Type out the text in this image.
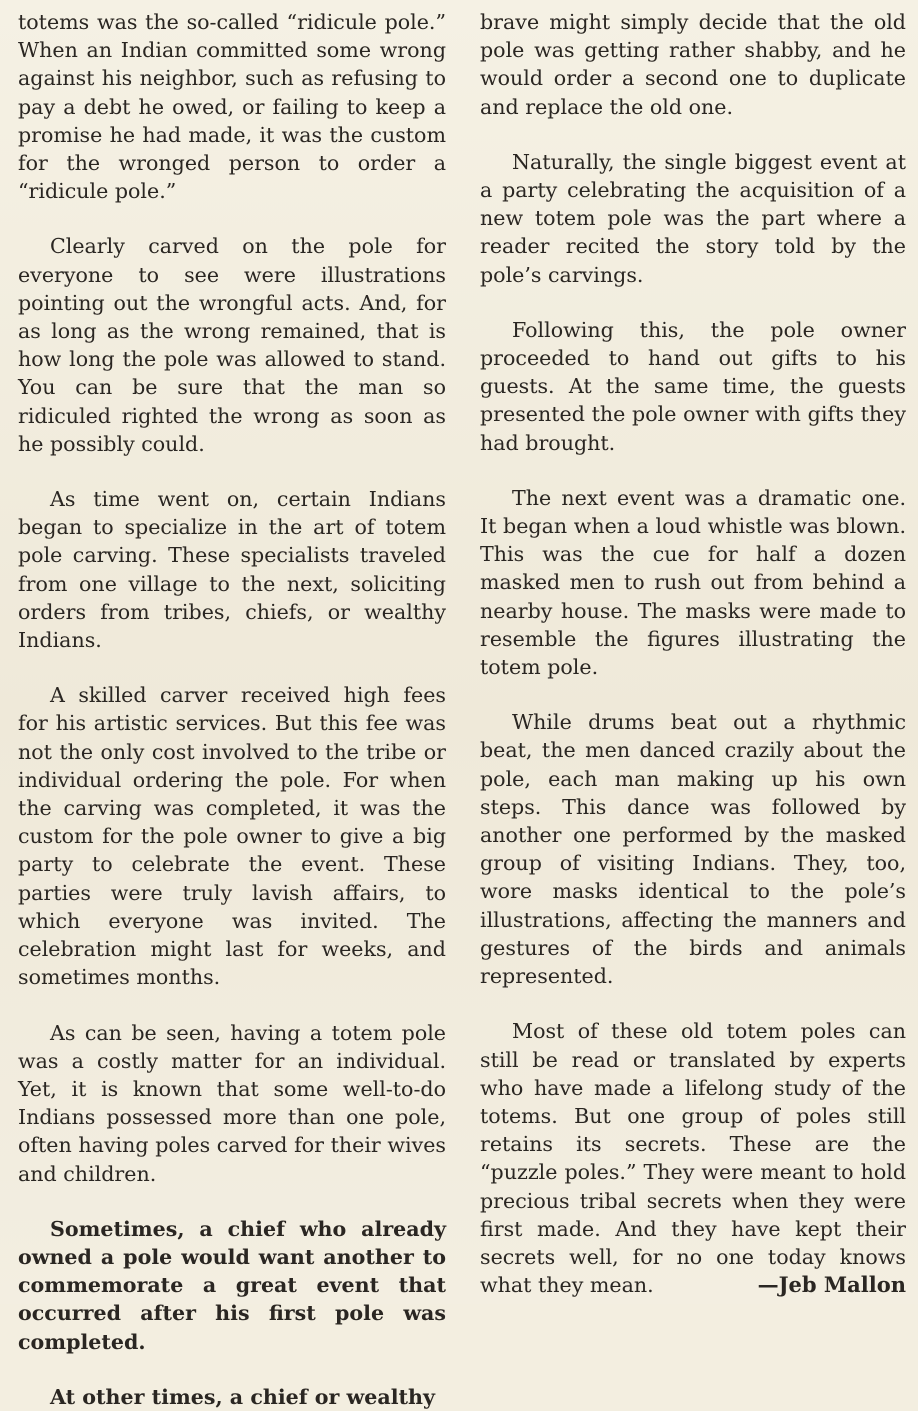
totems was the so-called “ridicule pole.” When an Indian committed some wrong against his neighbor, such as refusing to pay a debt he owed, or failing to keep a promise he had made, it was the custom for the wronged person to order a “ridicule pole.”

Clearly carved on the pole for everyone to see were illustrations pointing out the wrongful acts. And, for as long as the wrong remained, that is how long the pole was allowed to stand. You can be sure that the man so ridiculed righted the wrong as soon as he possibly could.

As time went on, certain Indians began to specialize in the art of totem pole carving. These specialists traveled from one village to the next, soliciting orders from tribes, chiefs, or wealthy Indians.

A skilled carver received high fees for his artistic services. But this fee was not the only cost involved to the tribe or individual ordering the pole. For when the carving was completed, it was the custom for the pole owner to give a big party to celebrate the event. These parties were truly lavish affairs, to which everyone was invited. The celebration might last for weeks, and sometimes months.

As can be seen, having a totem pole was a costly matter for an individual. Yet, it is known that some well-to-do Indians possessed more than one pole, often having poles carved for their wives and children.

Sometimes, a chief who already owned a pole would want another to commemorate a great event that occurred after his first pole was completed.

At other times, a chief or wealthy

brave might simply decide that the old pole was getting rather shabby, and he would order a second one to duplicate and replace the old one.

Naturally, the single biggest event at a party celebrating the acquisition of a new totem pole was the part where a reader recited the story told by the pole’s carvings.

Following this, the pole owner proceeded to hand out gifts to his guests. At the same time, the guests presented the pole owner with gifts they had brought.

The next event was a dramatic one. It began when a loud whistle was blown. This was the cue for half a dozen masked men to rush out from behind a nearby house. The masks were made to resemble the figures illustrating the totem pole.

While drums beat out a rhythmic beat, the men danced crazily about the pole, each man making up his own steps. This dance was followed by another one performed by the masked group of visiting Indians. They, too, wore masks identical to the pole’s illustrations, affecting the manners and gestures of the birds and animals represented.

Most of these old totem poles can still be read or translated by experts who have made a lifelong study of the totems. But one group of poles still retains its secrets. These are the “puzzle poles.” They were meant to hold precious tribal secrets when they were first made. And they have kept their secrets well, for no one today knows what they mean.	—Jeb Mallon
